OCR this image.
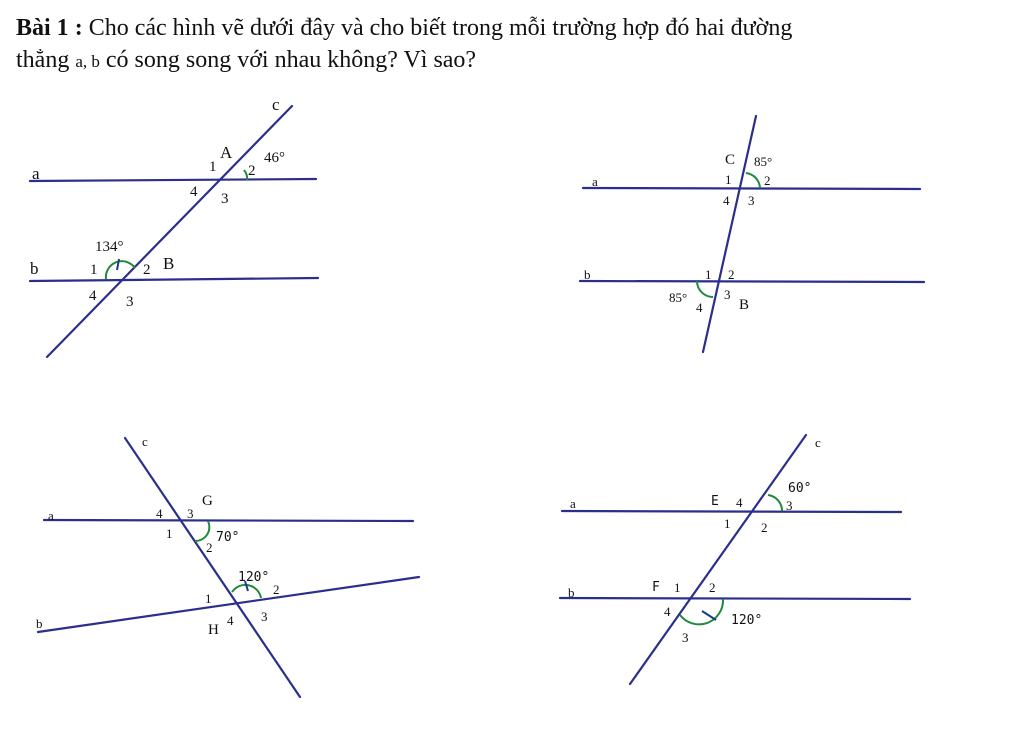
Bài 1 : Cho các hình vẽ dưới đây và cho biết trong mỗi trường hợp đó hai đường
thẳng a, b có song song với nhau không? Vì sao?
a
b
c
A
B
1 2
3
4
46°
1	2
3
4
134°
a
b
C
B
1	2
3
4
85°
1 2
3
4
85°
a
b
c
G
H
1
2
3
4
70°
1
2
3
4
120°
a
b
c
E
F
1 2
3
4
60°
1 2
3
4
120°
